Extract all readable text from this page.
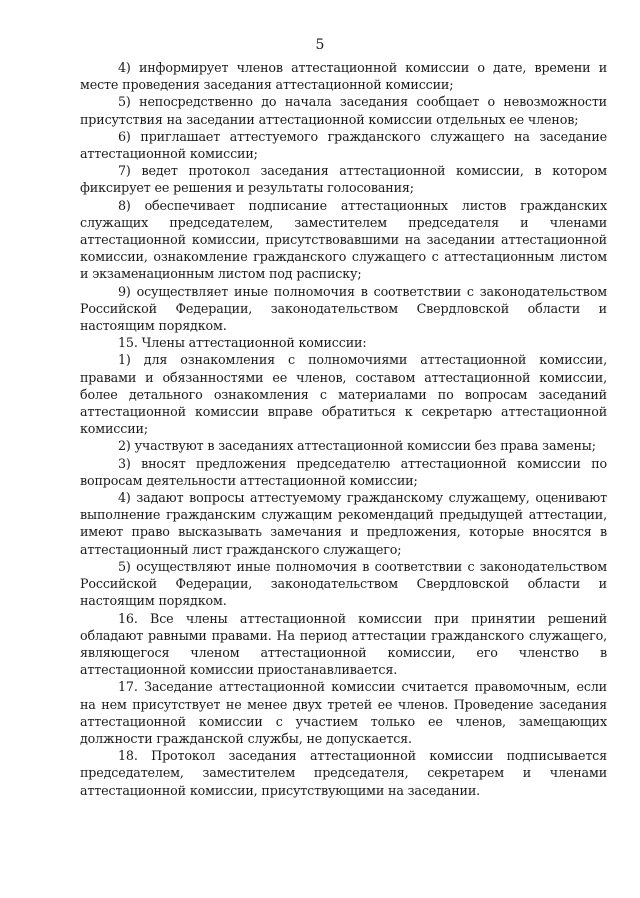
5

4) информирует членов аттестационной комиссии о дате, времени и месте проведения заседания аттестационной комиссии;

5) непосредственно до начала заседания сообщает о невозможности присутствия на заседании аттестационной комиссии отдельных ее членов;

6) приглашает аттестуемого гражданского служащего на заседание аттестационной комиссии;

7) ведет протокол заседания аттестационной комиссии, в котором фиксирует ее решения и результаты голосования;

8) обеспечивает подписание аттестационных листов гражданских служащих председателем, заместителем председателя и членами аттестационной комиссии, присутствовавшими на заседании аттестационной комиссии, ознакомление гражданского служащего с аттестационным листом и экзаменационным листом под расписку;

9) осуществляет иные полномочия в соответствии с законодательством Российской Федерации, законодательством Свердловской области и настоящим порядком.

15. Члены аттестационной комиссии:

1) для ознакомления с полномочиями аттестационной комиссии, правами и обязанностями ее членов, составом аттестационной комиссии, более детального ознакомления с материалами по вопросам заседаний аттестационной комиссии вправе обратиться к секретарю аттестационной комиссии;

2) участвуют в заседаниях аттестационной комиссии без права замены;

3) вносят предложения председателю аттестационной комиссии по вопросам деятельности аттестационной комиссии;

4) задают вопросы аттестуемому гражданскому служащему, оценивают выполнение гражданским служащим рекомендаций предыдущей аттестации, имеют право высказывать замечания и предложения, которые вносятся в аттестационный лист гражданского служащего;

5) осуществляют иные полномочия в соответствии с законодательством Российской Федерации, законодательством Свердловской области и настоящим порядком.

16. Все члены аттестационной комиссии при принятии решений обладают равными правами. На период аттестации гражданского служащего, являющегося членом аттестационной комиссии, его членство в аттестационной комиссии приостанавливается.

17. Заседание аттестационной комиссии считается правомочным, если на нем присутствует не менее двух третей ее членов. Проведение заседания аттестационной комиссии с участием только ее членов, замещающих должности гражданской службы, не допускается.

18. Протокол заседания аттестационной комиссии подписывается председателем, заместителем председателя, секретарем и членами аттестационной комиссии, присутствующими на заседании.
